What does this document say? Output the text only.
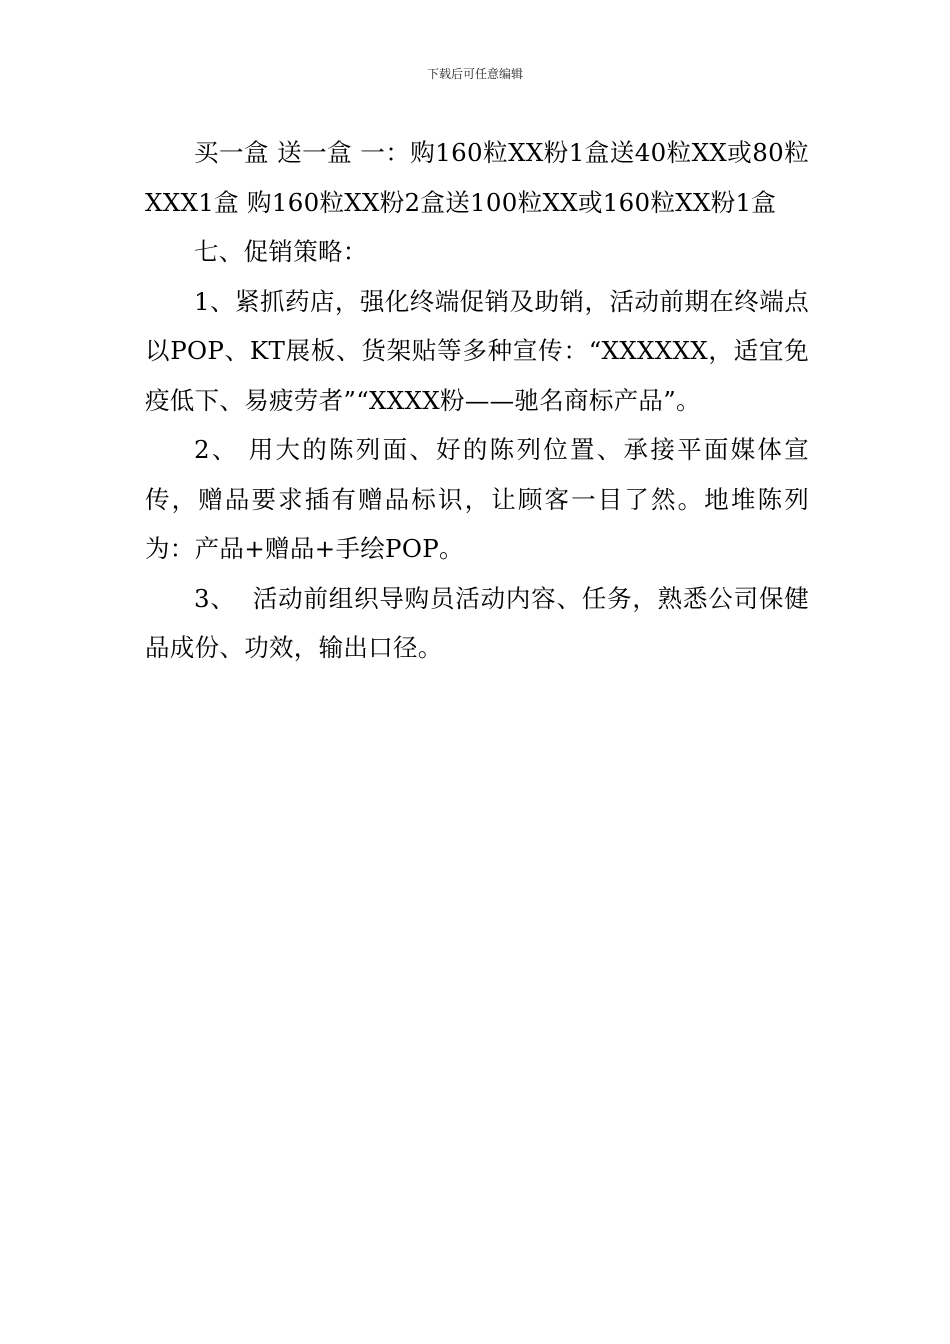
下载后可任意编辑

买一盒 送一盒 一：购160粒XX粉1盒送40粒XX或80粒XXX1盒 购160粒XX粉2盒送100粒XX或160粒XX粉1盒

七、促销策略：

1、紧抓药店，强化终端促销及助销，活动前期在终端点以POP、KT展板、货架贴等多种宣传：“XXXXXX，适宜免疫低下、易疲劳者”“XXXX粉——驰名商标产品”。

2、 用大的陈列面、好的陈列位置、承接平面媒体宣传，赠品要求插有赠品标识，让顾客一目了然。地堆陈列为：产品+赠品+手绘POP。

3、  活动前组织导购员活动内容、任务，熟悉公司保健品成份、功效，输出口径。
